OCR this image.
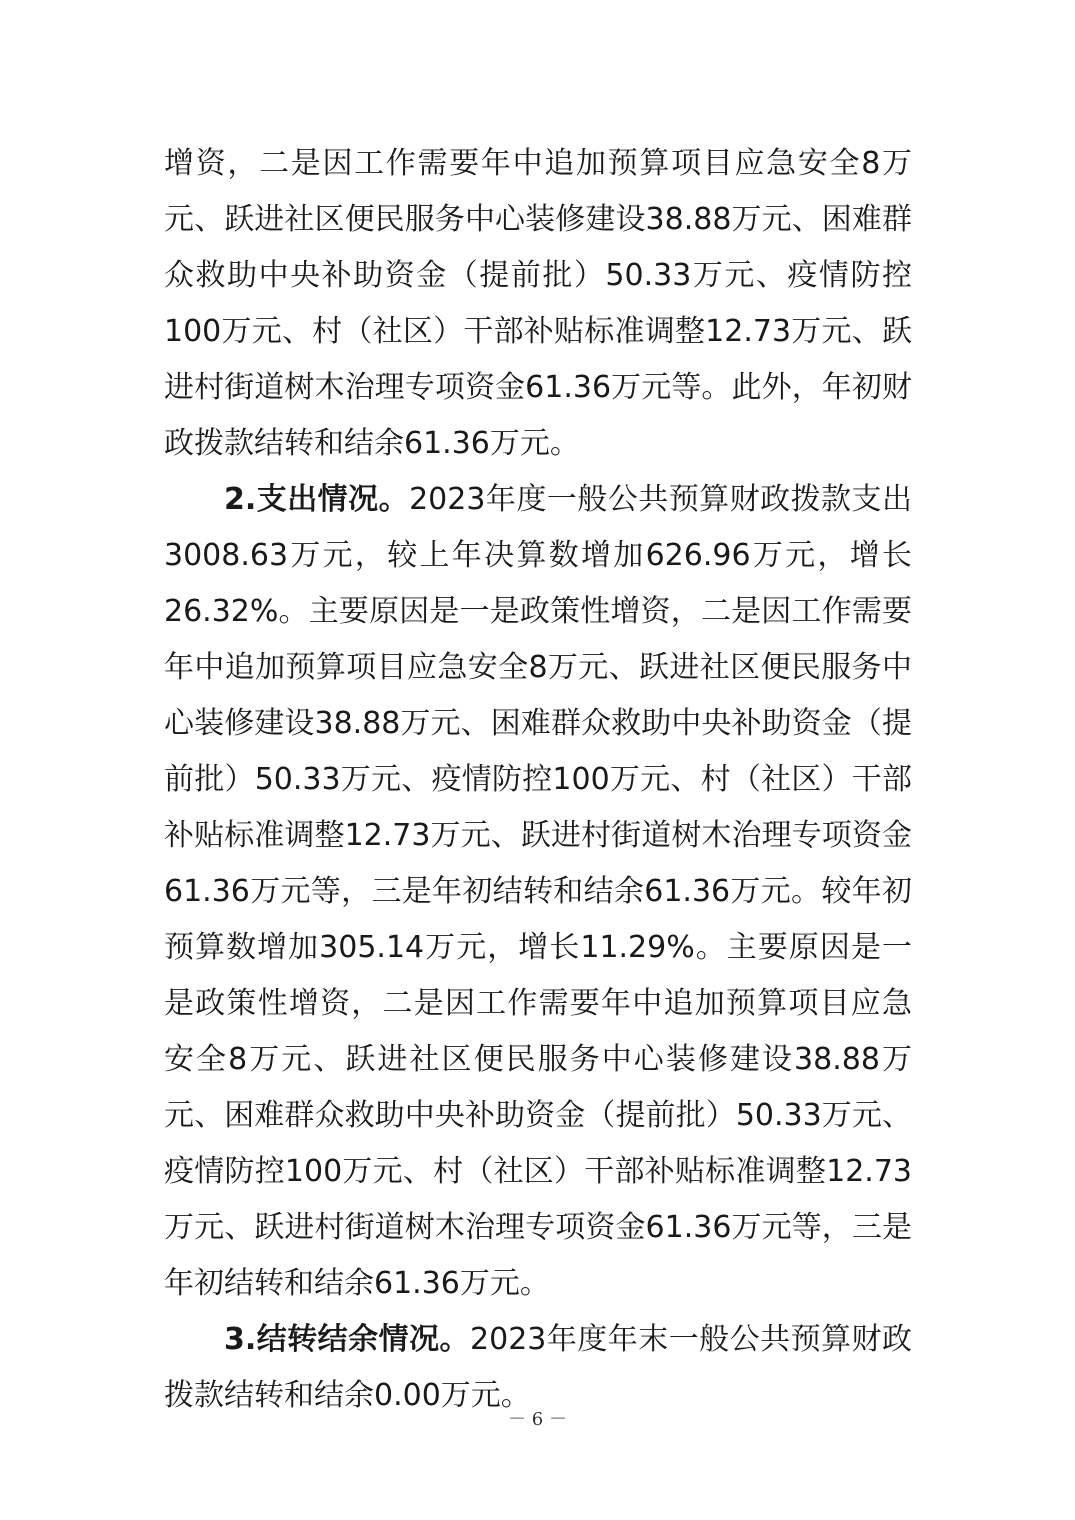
增资，二是因工作需要年中追加预算项目应急安全8万元、跃进社区便民服务中心装修建设38.88万元、困难群众救助中央补助资金（提前批）50.33万元、疫情防控100万元、村（社区）干部补贴标准调整12.73万元、跃进村街道树木治理专项资金61.36万元等。此外，年初财政拨款结转和结余61.36万元。

2.支出情况。2023年度一般公共预算财政拨款支出3008.63万元，较上年决算数增加626.96万元，增长26.32%。主要原因是一是政策性增资，二是因工作需要年中追加预算项目应急安全8万元、跃进社区便民服务中心装修建设38.88万元、困难群众救助中央补助资金（提前批）50.33万元、疫情防控100万元、村（社区）干部补贴标准调整12.73万元、跃进村街道树木治理专项资金61.36万元等，三是年初结转和结余61.36万元。较年初预算数增加305.14万元，增长11.29%。主要原因是一是政策性增资，二是因工作需要年中追加预算项目应急安全8万元、跃进社区便民服务中心装修建设38.88万元、困难群众救助中央补助资金（提前批）50.33万元、疫情防控100万元、村（社区）干部补贴标准调整12.73万元、跃进村街道树木治理专项资金61.36万元等，三是年初结转和结余61.36万元。

3.结转结余情况。2023年度年末一般公共预算财政拨款结转和结余0.00万元。

－ 6 －
